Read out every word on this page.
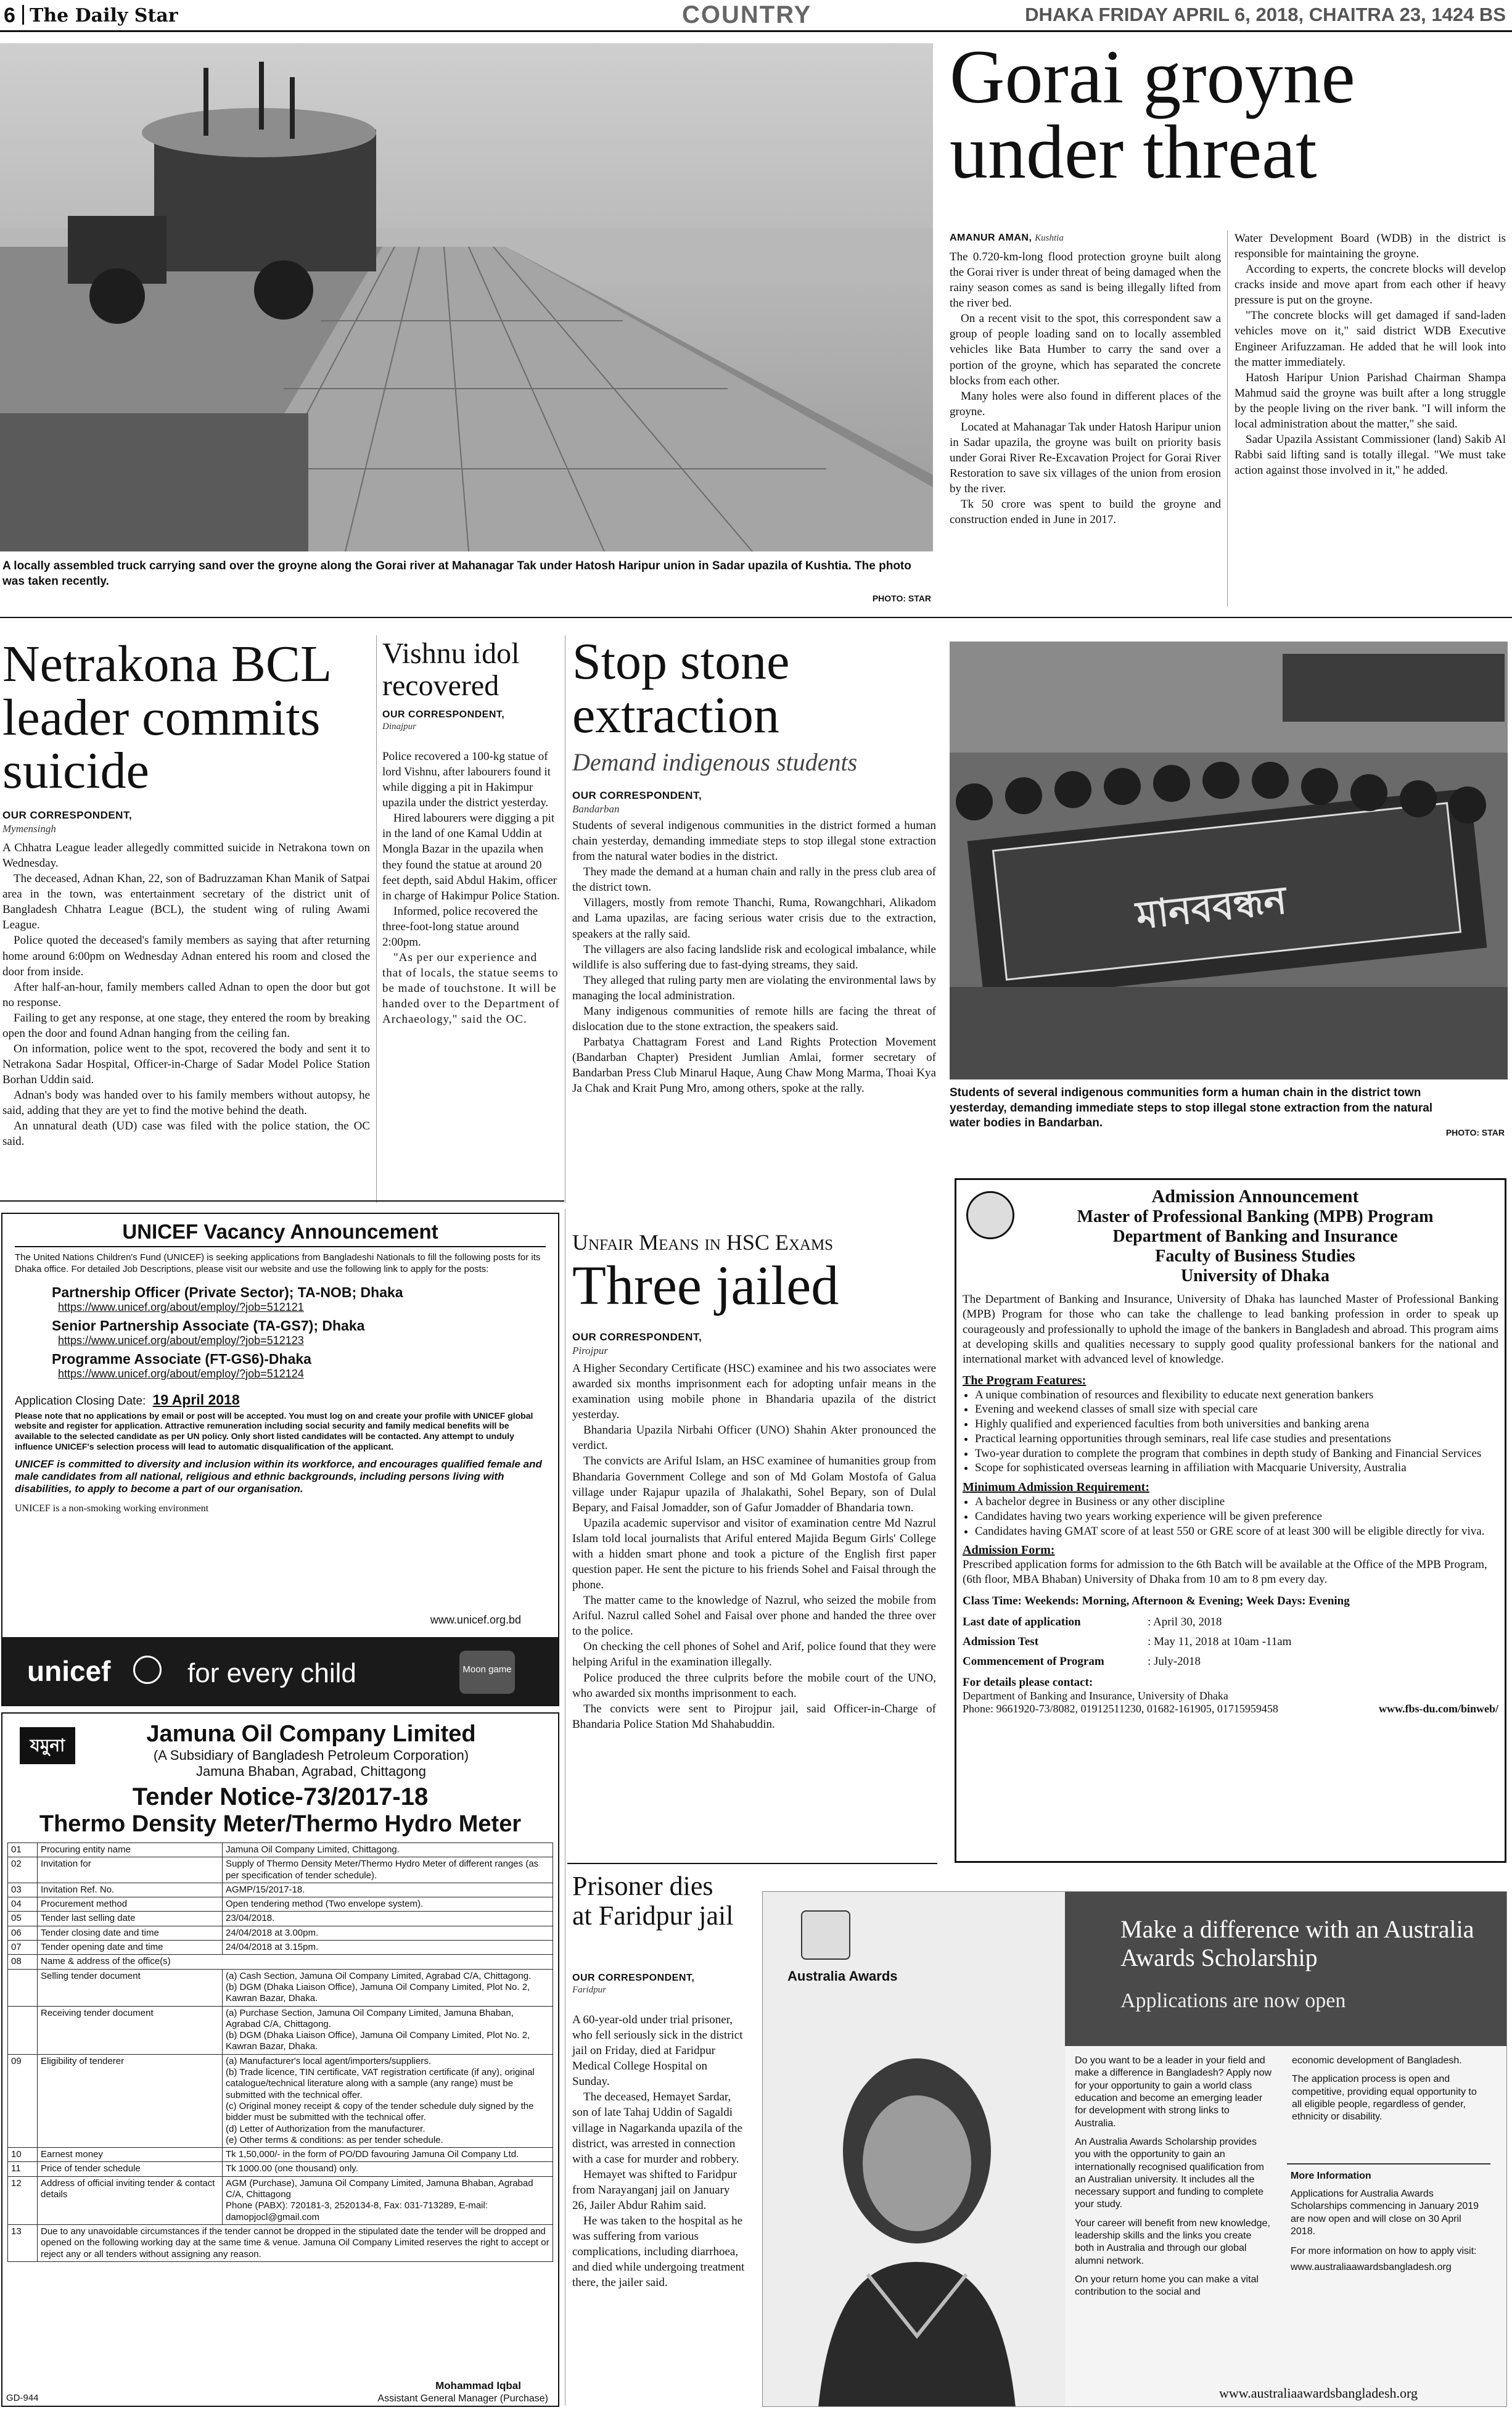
6 The Daily Star	COUNTRY	DHAKA FRIDAY APRIL 6, 2018, CHAITRA 23, 1424 BS
A locally assembled truck carrying sand over the groyne along the Gorai river at Mahanagar Tak under Hatosh Haripur union in Sadar upazila of Kushtia. The photo was taken recently.
PHOTO: STAR
Gorai groyne under threat
AMANUR AMAN, Kushtia

The 0.720-km-long flood protection groyne built along the Gorai river is under threat of being damaged when the rainy season comes as sand is being illegally lifted from the river bed.

On a recent visit to the spot, this correspondent saw a group of people loading sand on to locally assembled vehicles like Bata Humber to carry the sand over a portion of the groyne, which has separated the concrete blocks from each other.

Many holes were also found in different places of the groyne.

Located at Mahanagar Tak under Hatosh Haripur union in Sadar upazila, the groyne was built on priority basis under Gorai River Re-Excavation Project for Gorai River Restoration to save six villages of the union from erosion by the river.

Tk 50 crore was spent to build the groyne and construction ended in June in 2017.

Water Development Board (WDB) in the district is responsible for maintaining the groyne.

According to experts, the concrete blocks will develop cracks inside and move apart from each other if heavy pressure is put on the groyne.

"The concrete blocks will get damaged if sand-laden vehicles move on it," said district WDB Executive Engineer Arifuzzaman. He added that he will look into the matter immediately.

Hatosh Haripur Union Parishad Chairman Shampa Mahmud said the groyne was built after a long struggle by the people living on the river bank. "I will inform the local administration about the matter," she said.

Sadar Upazila Assistant Commissioner (land) Sakib Al Rabbi said lifting sand is totally illegal. "We must take action against those involved in it," he added.

Netrakona BCL leader commits suicide
OUR CORRESPONDENT,
Mymensingh

A Chhatra League leader allegedly committed suicide in Netrakona town on Wednesday.

The deceased, Adnan Khan, 22, son of Badruzzaman Khan Manik of Satpai area in the town, was entertainment secretary of the district unit of Bangladesh Chhatra League (BCL), the student wing of ruling Awami League.

Police quoted the deceased's family members as saying that after returning home around 6:00pm on Wednesday Adnan entered his room and closed the door from inside.

After half-an-hour, family members called Adnan to open the door but got no response.

Failing to get any response, at one stage, they entered the room by breaking open the door and found Adnan hanging from the ceiling fan.

On information, police went to the spot, recovered the body and sent it to Netrakona Sadar Hospital, Officer-in-Charge of Sadar Model Police Station Borhan Uddin said.

Adnan's body was handed over to his family members without autopsy, he said, adding that they are yet to find the motive behind the death.

An unnatural death (UD) case was filed with the police station, the OC said.

Vishnu idol recovered
OUR CORRESPONDENT,
Dinajpur

Police recovered a 100-kg statue of lord Vishnu, after labourers found it while digging a pit in Hakimpur upazila under the district yesterday.

Hired labourers were digging a pit in the land of one Kamal Uddin at Mongla Bazar in the upazila when they found the statue at around 20 feet depth, said Abdul Hakim, officer in charge of Hakimpur Police Station.

Informed, police recovered the three-foot-long statue around 2:00pm.

"As per our experience and that of locals, the statue seems to be made of touchstone. It will be handed over to the Department of Archaeology," said the OC.

Stop stone extraction
Demand indigenous students
OUR CORRESPONDENT,
Bandarban

Students of several indigenous communities in the district formed a human chain yesterday, demanding immediate steps to stop illegal stone extraction from the natural water bodies in the district.

They made the demand at a human chain and rally in the press club area of the district town.

Villagers, mostly from remote Thanchi, Ruma, Rowangchhari, Alikadom and Lama upazilas, are facing serious water crisis due to the extraction, speakers at the rally said.

The villagers are also facing landslide risk and ecological imbalance, while wildlife is also suffering due to fast-dying streams, they said.

They alleged that ruling party men are violating the environmental laws by managing the local administration.

Many indigenous communities of remote hills are facing the threat of dislocation due to the stone extraction, the speakers said.

Parbatya Chattagram Forest and Land Rights Protection Movement (Bandarban Chapter) President Jumlian Amlai, former secretary of Bandarban Press Club Minarul Haque, Aung Chaw Mong Marma, Thoai Kya Ja Chak and Krait Pung Mro, among others, spoke at the rally.

মানববন্ধন
Students of several indigenous communities form a human chain in the district town yesterday, demanding immediate steps to stop illegal stone extraction from the natural water bodies in Bandarban.
PHOTO: STAR
UNICEF Vacancy Announcement
The United Nations Children's Fund (UNICEF) is seeking applications from Bangladeshi Nationals to fill the following posts for its Dhaka office. For detailed Job Descriptions, please visit our website and use the following link to apply for the posts:
Partnership Officer (Private Sector); TA-NOB; Dhaka
https://www.unicef.org/about/employ/?job=512121
Senior Partnership Associate (TA-GS7); Dhaka
https://www.unicef.org/about/employ/?job=512123
Programme Associate (FT-GS6)-Dhaka
https://www.unicef.org/about/employ/?job=512124
Application Closing Date: 19 April 2018
Please note that no applications by email or post will be accepted. You must log on and create your profile with UNICEF global website and register for application. Attractive remuneration including social security and family medical benefits will be available to the selected candidate as per UN policy. Only short listed candidates will be contacted. Any attempt to unduly influence UNICEF's selection process will lead to automatic disqualification of the applicant.
UNICEF is committed to diversity and inclusion within its workforce, and encourages qualified female and male candidates from all national, religious and ethnic backgrounds, including persons living with disabilities, to apply to become a part of our organisation.
UNICEF is a non-smoking working environment
www.unicef.org.bd
unicef	for every child	Moon game
যমুনা	Jamuna Oil Company Limited
(A Subsidiary of Bangladesh Petroleum Corporation)
Jamuna Bhaban, Agrabad, Chittagong
Tender Notice-73/2017-18
Thermo Density Meter/Thermo Hydro Meter
01	Procuring entity name	Jamuna Oil Company Limited, Chittagong.
02	Invitation for	Supply of Thermo Density Meter/Thermo Hydro Meter of different ranges (as per specification of tender schedule).
03	Invitation Ref. No.	AGMP/15/2017-18.
04	Procurement method	Open tendering method (Two envelope system).
05	Tender last selling date	23/04/2018.
06	Tender closing date and time	24/04/2018 at 3.00pm.
07	Tender opening date and time	24/04/2018 at 3.15pm.
08	Name & address of the office(s)	
	Selling tender document	(a) Cash Section, Jamuna Oil Company Limited, Agrabad C/A, Chittagong.
(b) DGM (Dhaka Liaison Office), Jamuna Oil Company Limited, Plot No. 2, Kawran Bazar, Dhaka.
	Receiving tender document	(a) Purchase Section, Jamuna Oil Company Limited, Jamuna Bhaban, Agrabad C/A, Chittagong.
(b) DGM (Dhaka Liaison Office), Jamuna Oil Company Limited, Plot No. 2, Kawran Bazar, Dhaka.
09	Eligibility of tenderer	(a) Manufacturer's local agent/importers/suppliers.
(b) Trade licence, TIN certificate, VAT registration certificate (if any), original catalogue/technical literature along with a sample (any range) must be submitted with the technical offer.
(c) Original money receipt & copy of the tender schedule duly signed by the bidder must be submitted with the technical offer.
(d) Letter of Authorization from the manufacturer.
(e) Other terms & conditions: as per tender schedule.
10	Earnest money	Tk 1,50,000/- in the form of PO/DD favouring Jamuna Oil Company Ltd.
11	Price of tender schedule	Tk 1000.00 (one thousand) only.
12	Address of official inviting tender & contact details	AGM (Purchase), Jamuna Oil Company Limited, Jamuna Bhaban, Agrabad C/A, Chittagong
Phone (PABX): 720181-3, 2520134-8, Fax: 031-713289, E-mail: damopjocl@gmail.com
13	Due to any unavoidable circumstances if the tender cannot be dropped in the stipulated date the tender will be dropped and opened on the following working day at the same time & venue. Jamuna Oil Company Limited reserves the right to accept or reject any or all tenders without assigning any reason.	
Mohammad Iqbal
Assistant General Manager (Purchase)
GD-944
Unfair Means in HSC Exams
Three jailed
OUR CORRESPONDENT,
Pirojpur

A Higher Secondary Certificate (HSC) examinee and his two associates were awarded six months imprisonment each for adopting unfair means in the examination using mobile phone in Bhandaria upazila of the district yesterday.

Bhandaria Upazila Nirbahi Officer (UNO) Shahin Akter pronounced the verdict.

The convicts are Ariful Islam, an HSC examinee of humanities group from Bhandaria Government College and son of Md Golam Mostofa of Galua village under Rajapur upazila of Jhalakathi, Sohel Bepary, son of Dulal Bepary, and Faisal Jomadder, son of Gafur Jomadder of Bhandaria town.

Upazila academic supervisor and visitor of examination centre Md Nazrul Islam told local journalists that Ariful entered Majida Begum Girls' College with a hidden smart phone and took a picture of the English first paper question paper. He sent the picture to his friends Sohel and Faisal through the phone.

The matter came to the knowledge of Nazrul, who seized the mobile from Ariful. Nazrul called Sohel and Faisal over phone and handed the three over to the police.

On checking the cell phones of Sohel and Arif, police found that they were helping Ariful in the examination illegally.

Police produced the three culprits before the mobile court of the UNO, who awarded six months imprisonment to each.

The convicts were sent to Pirojpur jail, said Officer-in-Charge of Bhandaria Police Station Md Shahabuddin.

Prisoner dies at Faridpur jail
OUR CORRESPONDENT,
Faridpur

A 60-year-old under trial prisoner, who fell seriously sick in the district jail on Friday, died at Faridpur Medical College Hospital on Sunday.

The deceased, Hemayet Sardar, son of late Tahaj Uddin of Sagaldi village in Nagarkanda upazila of the district, was arrested in connection with a case for murder and robbery.

Hemayet was shifted to Faridpur from Narayanganj jail on January 26, Jailer Abdur Rahim said.

He was taken to the hospital as he was suffering from various complications, including diarrhoea, and died while undergoing treatment there, the jailer said.

Admission Announcement
Master of Professional Banking (MPB) Program
Department of Banking and Insurance
Faculty of Business Studies
University of Dhaka
The Department of Banking and Insurance, University of Dhaka has launched Master of Professional Banking (MPB) Program for those who can take the challenge to lead banking profession in order to speak up courageously and professionally to uphold the image of the bankers in Bangladesh and abroad. This program aims at developing skills and qualities necessary to supply good quality professional bankers for the national and international market with advanced level of knowledge.
The Program Features:
• A unique combination of resources and flexibility to educate next generation bankers
• Evening and weekend classes of small size with special care
• Highly qualified and experienced faculties from both universities and banking arena
• Practical learning opportunities through seminars, real life case studies and presentations
• Two-year duration to complete the program that combines in depth study of Banking and Financial Services
• Scope for sophisticated overseas learning in affiliation with Macquarie University, Australia
Minimum Admission Requirement:
• A bachelor degree in Business or any other discipline
• Candidates having two years working experience will be given preference
• Candidates having GMAT score of at least 550 or GRE score of at least 300 will be eligible directly for viva.
Admission Form:
Prescribed application forms for admission to the 6th Batch will be available at the Office of the MPB Program,(6th floor, MBA Bhaban) University of Dhaka from 10 am to 8 pm every day.
Class Time: Weekends: Morning, Afternoon & Evening; Week Days: Evening
Last date of application	: April 30, 2018
Admission Test	: May 11, 2018 at 10am -11am
Commencement of Program	: July-2018
For details please contact:
Department of Banking and Insurance, University of Dhaka
Phone: 9661920-73/8082, 01912511230, 01682-161905, 01715959458	www.fbs-du.com/binweb/
Australia Awards
Make a difference with an Australia Awards Scholarship
Applications are now open

Do you want to be a leader in your field and make a difference in Bangladesh? Apply now for your opportunity to gain a world class education and become an emerging leader for development with strong links to Australia.

An Australia Awards Scholarship provides you with the opportunity to gain an internationally recognised qualification from an Australian university. It includes all the necessary support and funding to complete your study.

Your career will benefit from new knowledge, leadership skills and the links you create both in Australia and through our global alumni network.

On your return home you can make a vital contribution to the social and

economic development of Bangladesh.

The application process is open and competitive, providing equal opportunity to all eligible people, regardless of gender, ethnicity or disability.

More Information
Applications for Australia Awards Scholarships commencing in January 2019 are now open and will close on 30 April 2018.
For more information on how to apply visit:
www.australiaawardsbangladesh.org
www.australiaawardsbangladesh.org
